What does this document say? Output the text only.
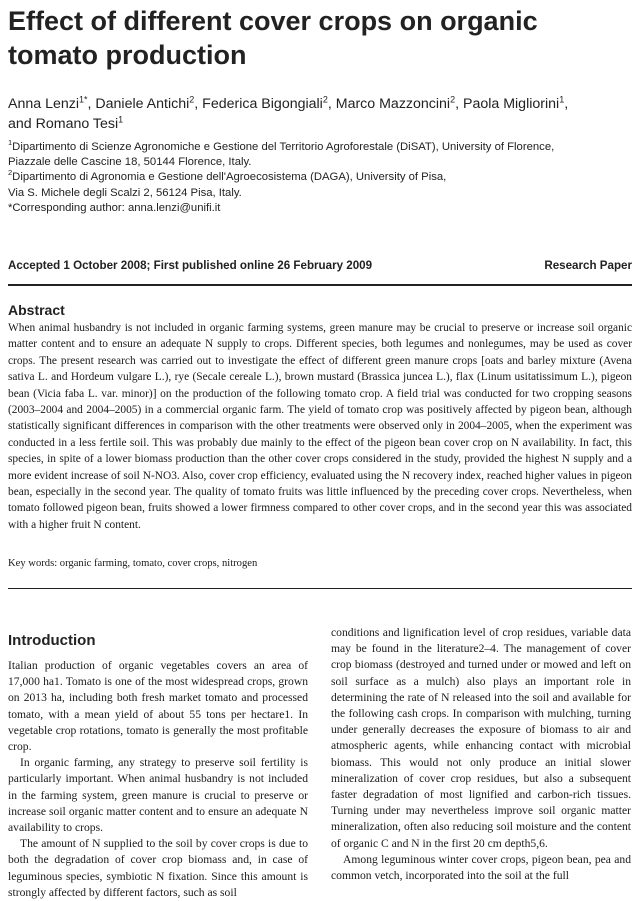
Effect of different cover crops on organic tomato production
Anna Lenzi$^{1*}$, Daniele Antichi$^2$, Federica Bigongiali$^2$, Marco Mazzoncini$^2$, Paola Migliorini$^1$,
and Romano Tesi$^1$
$^1$Dipartimento di Scienze Agronomiche e Gestione del Territorio Agroforestale (DiSAT), University of Florence,
Piazzale delle Cascine 18, 50144 Florence, Italy.
$^2$Dipartimento di Agronomia e Gestione dell'Agroecosistema (DAGA), University of Pisa,
Via S. Michele degli Scalzi 2, 56124 Pisa, Italy.
*Corresponding author: anna.lenzi@unifi.it
Accepted 1 October 2008; First published online 26 February 2009	Research Paper
Abstract

When animal husbandry is not included in organic farming systems, green manure may be crucial to preserve or increase soil organic matter content and to ensure an adequate N supply to crops. Different species, both legumes and nonlegumes, may be used as cover crops. The present research was carried out to investigate the effect of different green manure crops [oats and barley mixture (Avena sativa L. and Hordeum vulgare L.), rye (Secale cereale L.), brown mustard (Brassica juncea L.), flax (Linum usitatissimum L.), pigeon bean (Vicia faba L. var. minor)] on the production of the following tomato crop. A field trial was conducted for two cropping seasons (2003–2004 and 2004–2005) in a commercial organic farm. The yield of tomato crop was positively affected by pigeon bean, although statistically significant differences in comparison with the other treatments were observed only in 2004–2005, when the experiment was conducted in a less fertile soil. This was probably due mainly to the effect of the pigeon bean cover crop on N availability. In fact, this species, in spite of a lower biomass production than the other cover crops considered in the study, provided the highest N supply and a more evident increase of soil N-NO3. Also, cover crop efficiency, evaluated using the N recovery index, reached higher values in pigeon bean, especially in the second year. The quality of tomato fruits was little influenced by the preceding cover crops. Nevertheless, when tomato followed pigeon bean, fruits showed a lower firmness compared to other cover crops, and in the second year this was associated with a higher fruit N content.

Key words: organic farming, tomato, cover crops, nitrogen
Introduction

Italian production of organic vegetables covers an area of 17,000 ha1. Tomato is one of the most widespread crops, grown on 2013 ha, including both fresh market tomato and processed tomato, with a mean yield of about 55 tons per hectare1. In vegetable crop rotations, tomato is generally the most profitable crop.

In organic farming, any strategy to preserve soil fertility is particularly important. When animal husbandry is not included in the farming system, green manure is crucial to preserve or increase soil organic matter content and to ensure an adequate N availability to crops.

The amount of N supplied to the soil by cover crops is due to both the degradation of cover crop biomass and, in case of leguminous species, symbiotic N fixation. Since this amount is strongly affected by different factors, such as soil

conditions and lignification level of crop residues, variable data may be found in the literature2–4. The management of cover crop biomass (destroyed and turned under or mowed and left on soil surface as a mulch) also plays an important role in determining the rate of N released into the soil and available for the following cash crops. In comparison with mulching, turning under generally decreases the exposure of biomass to air and atmospheric agents, while enhancing contact with microbial biomass. This would not only produce an initial slower mineralization of cover crop residues, but also a subsequent faster degradation of most lignified and carbon-rich tissues. Turning under may nevertheless improve soil organic matter mineralization, often also reducing soil moisture and the content of organic C and N in the first 20 cm depth5,6.

Among leguminous winter cover crops, pigeon bean, pea and common vetch, incorporated into the soil at the full
